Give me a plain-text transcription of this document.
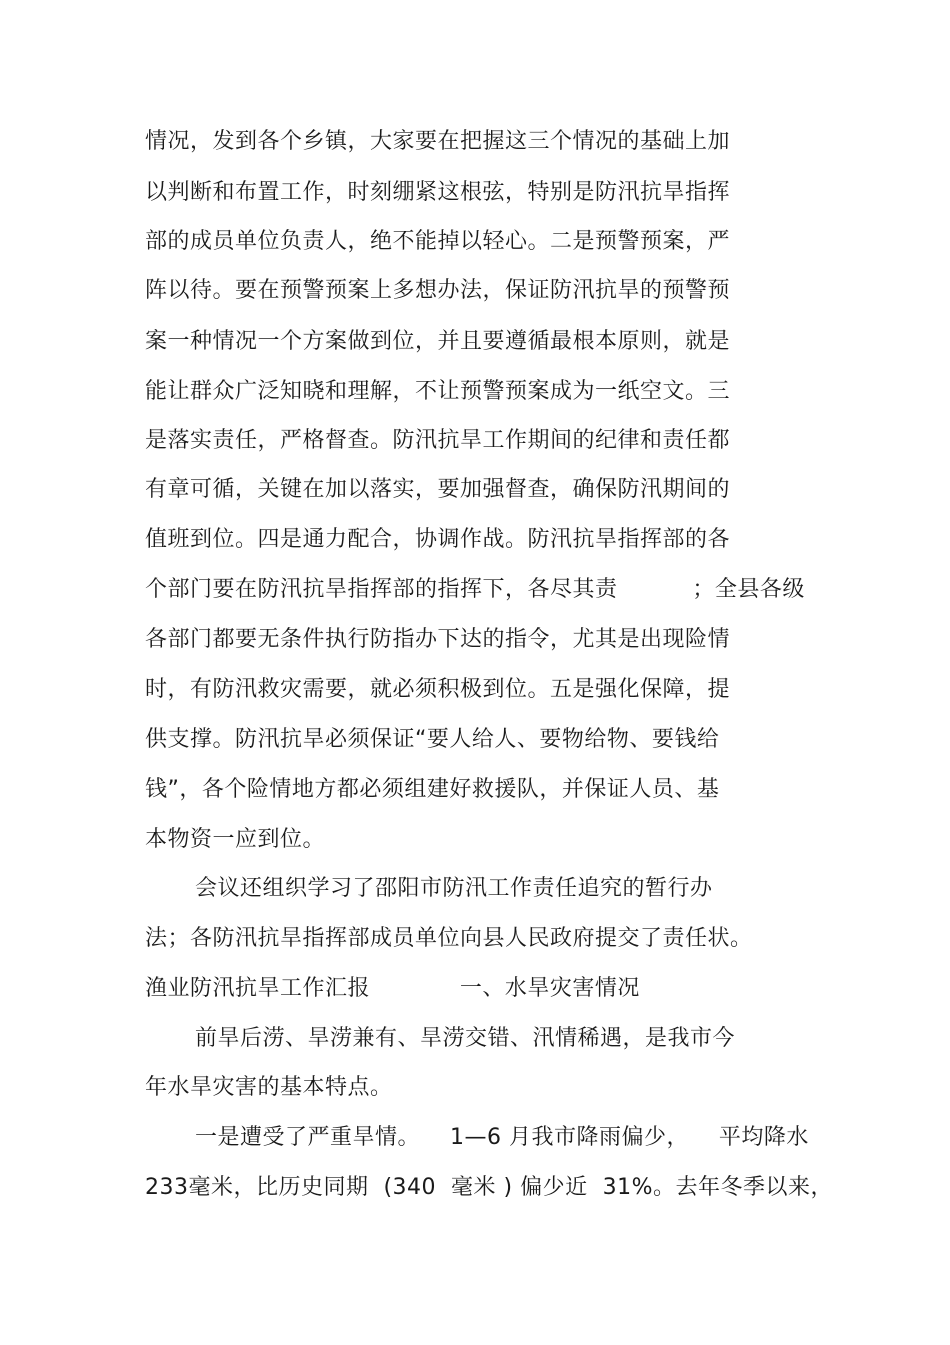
情况，发到各个乡镇，大家要在把握这三个情况的基础上加
以判断和布置工作，时刻绷紧这根弦，特别是防汛抗旱指挥
部的成员单位负责人，绝不能掉以轻心。二是预警预案，严
阵以待。要在预警预案上多想办法，保证防汛抗旱的预警预
案一种情况一个方案做到位，并且要遵循最根本原则，就是
能让群众广泛知晓和理解，不让预警预案成为一纸空文。三
是落实责任，严格督查。防汛抗旱工作期间的纪律和责任都
有章可循，关键在加以落实，要加强督查，确保防汛期间的
值班到位。四是通力配合，协调作战。防汛抗旱指挥部的各
个部门要在防汛抗旱指挥部的指挥下，各尽其责          ；全县各级
各部门都要无条件执行防指办下达的指令，尤其是出现险情
时，有防汛救灾需要，就必须积极到位。五是强化保障，提
供支撑。防汛抗旱必须保证“要人给人、要物给物、要钱给
钱”，各个险情地方都必须组建好救援队，并保证人员、基
本物资一应到位。
会议还组织学习了邵阳市防汛工作责任追究的暂行办
法；各防汛抗旱指挥部成员单位向县人民政府提交了责任状。
渔业防汛抗旱工作汇报            一、水旱灾害情况
前旱后涝、旱涝兼有、旱涝交错、汛情稀遇，是我市今
年水旱灾害的基本特点。
一是遭受了严重旱情。    1—6 月我市降雨偏少，    平均降水
233毫米，比历史同期  (340  毫米 ) 偏少近  31%。去年冬季以来，
